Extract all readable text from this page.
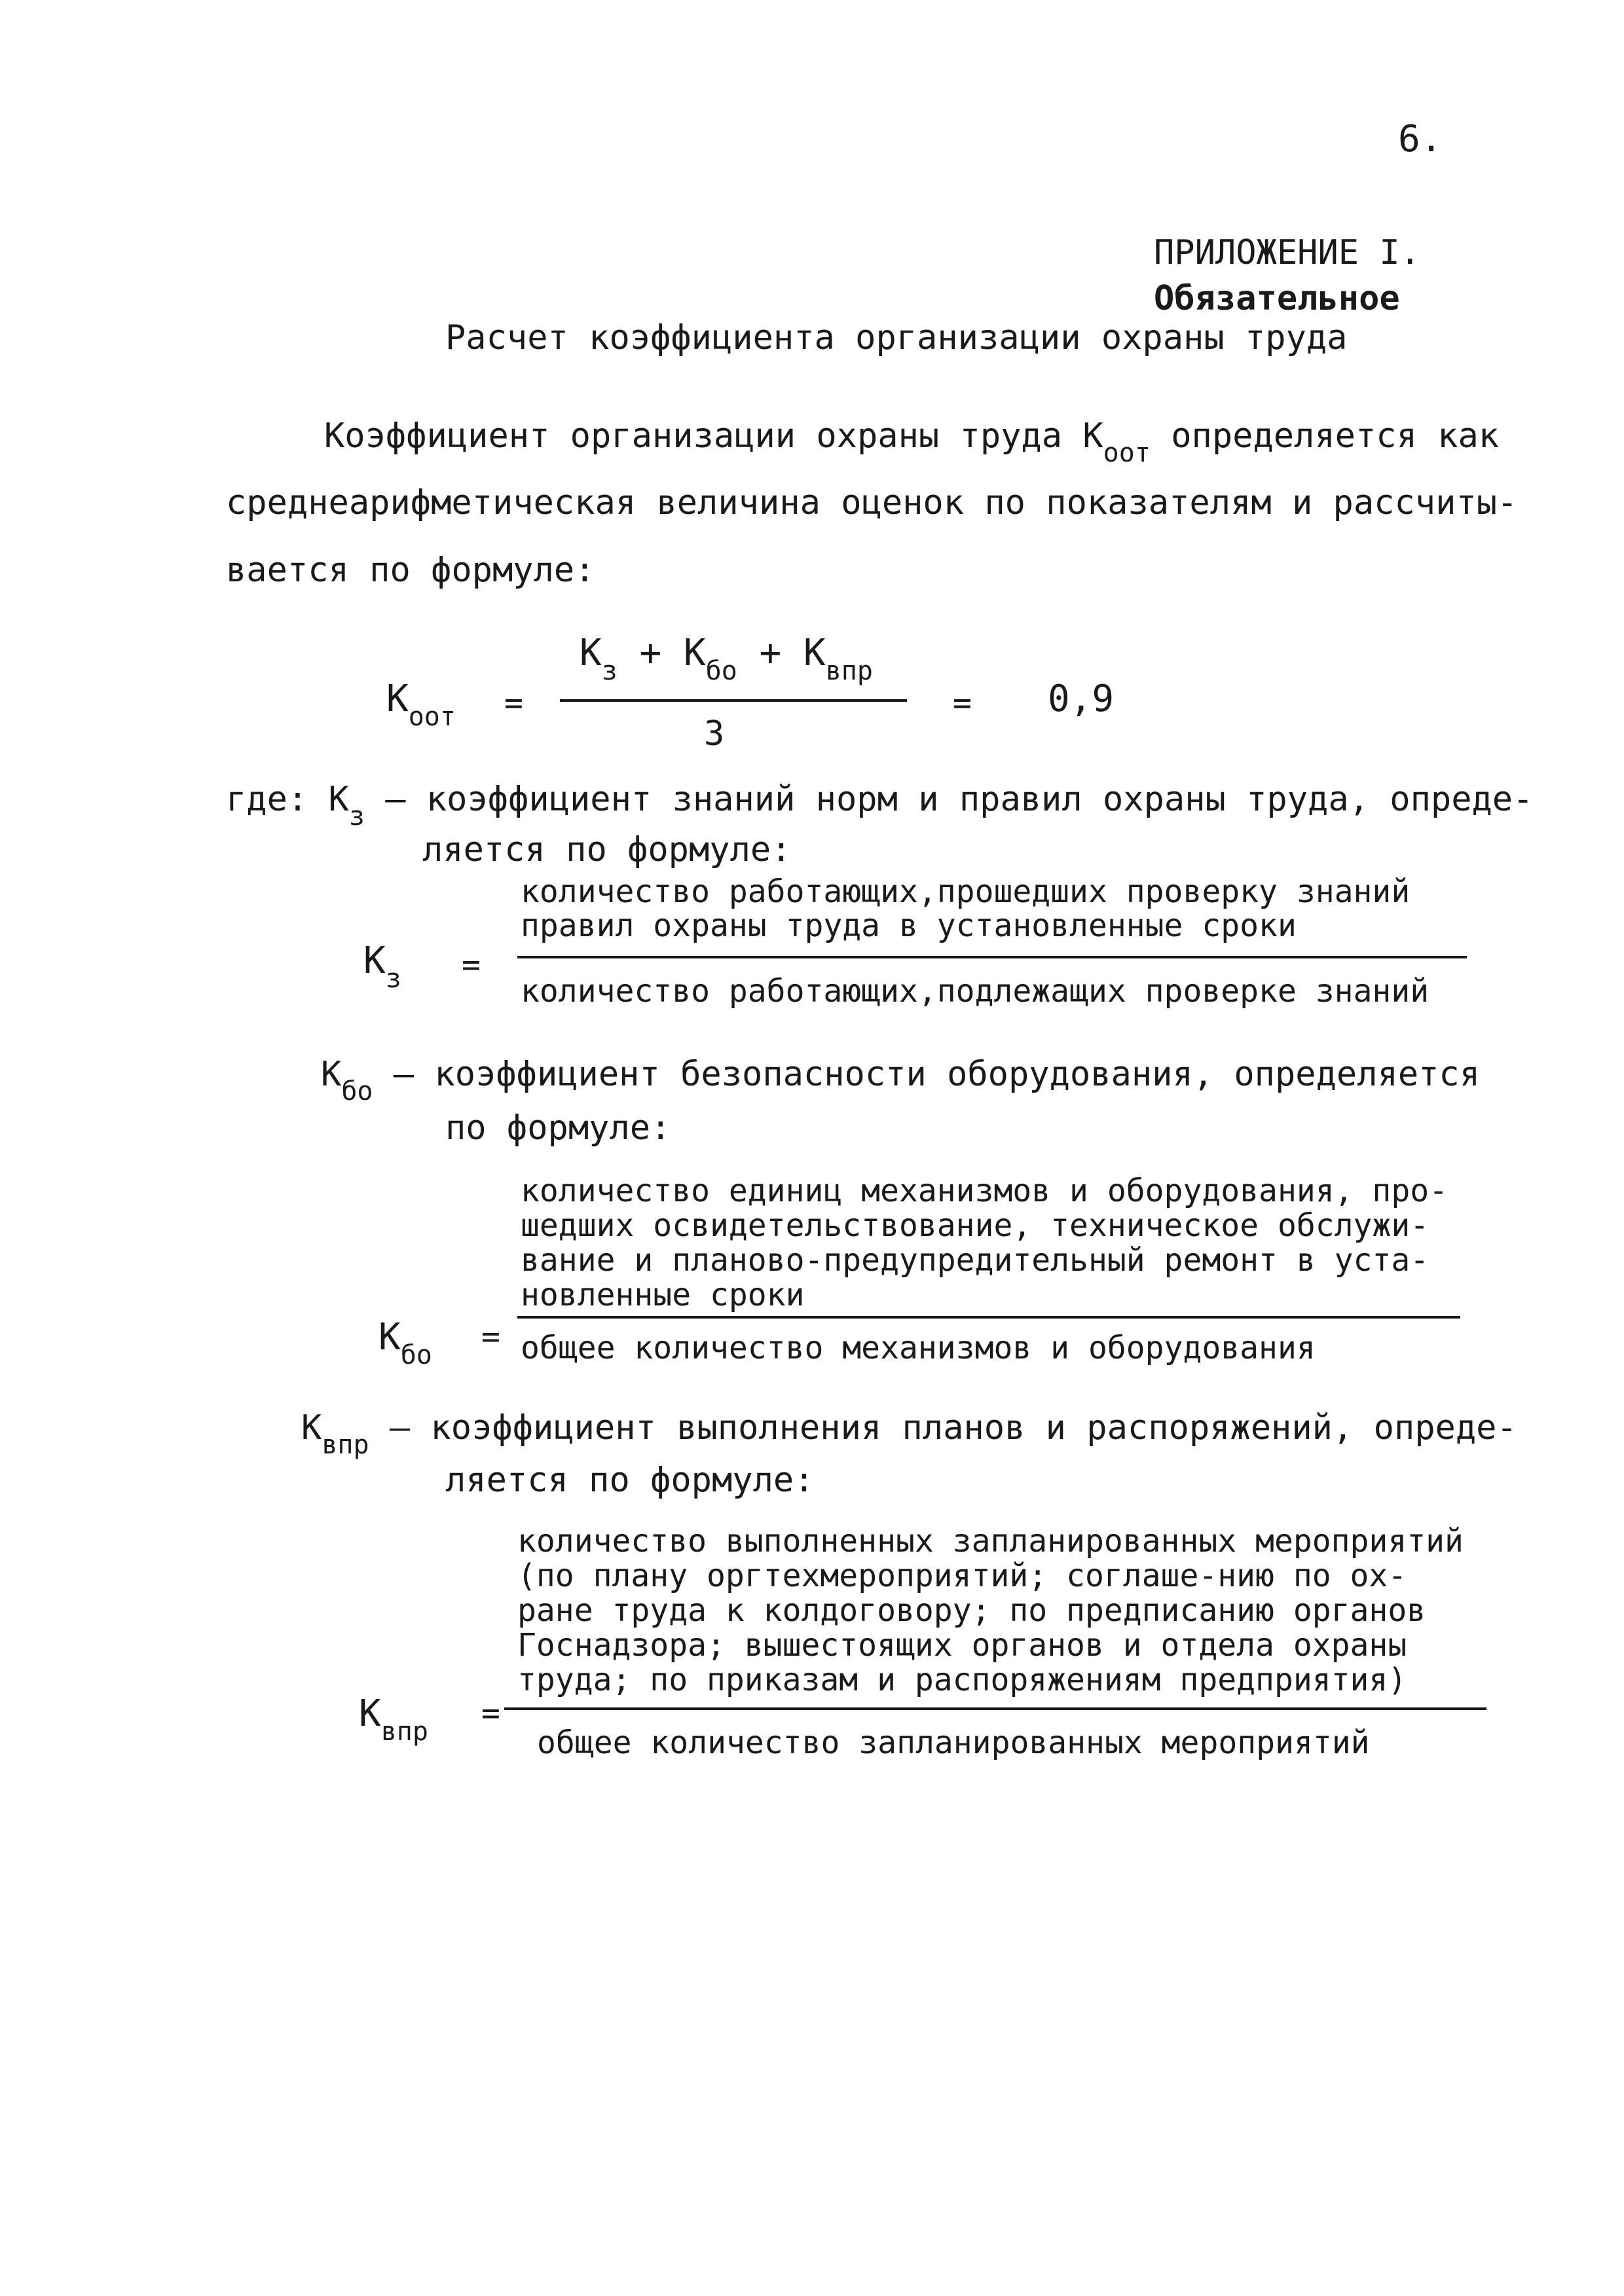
6.
ПРИЛОЖЕНИЕ I.
Обязательное
Расчет коэффициента организации охраны труда
Коэффициент организации охраны труда $К_{оот}$ определяется как
среднеарифметическая величина оценок по показателям и рассчиты-
вается по формуле:
$К_{оот}$ =
$К_з + К_{бо} + К_{впр}$
3
= 0,9
где: $К_з$ – коэффициент знаний норм и правил охраны труда, опреде-
ляется по формуле:
$К_з$ =
количество работающих,прошедших проверку знаний
правил охраны труда в установленные сроки
количество работающих,подлежащих проверке знаний
$К_{бо}$ – коэффициент безопасности оборудования, определяется
по формуле:
количество единиц механизмов и оборудования, про-
шедших освидетельствование, техническое обслужи-
вание и планово-предупредительный ремонт в уста-
новленные сроки
$К_{бо}$ = общее количество механизмов и оборудования
$К_{впр}$ – коэффициент выполнения планов и распоряжений, опреде-
ляется по формуле:
количество выполненных запланированных мероприятий
(по плану оргтехмероприятий; соглаше-нию по ох-
ране труда к колдоговору; по предписанию органов
Госнадзора; вышестоящих органов и отдела охраны
труда; по приказам и распоряжениям предприятия)
$К_{впр}$ =
общее количество запланированных мероприятий
